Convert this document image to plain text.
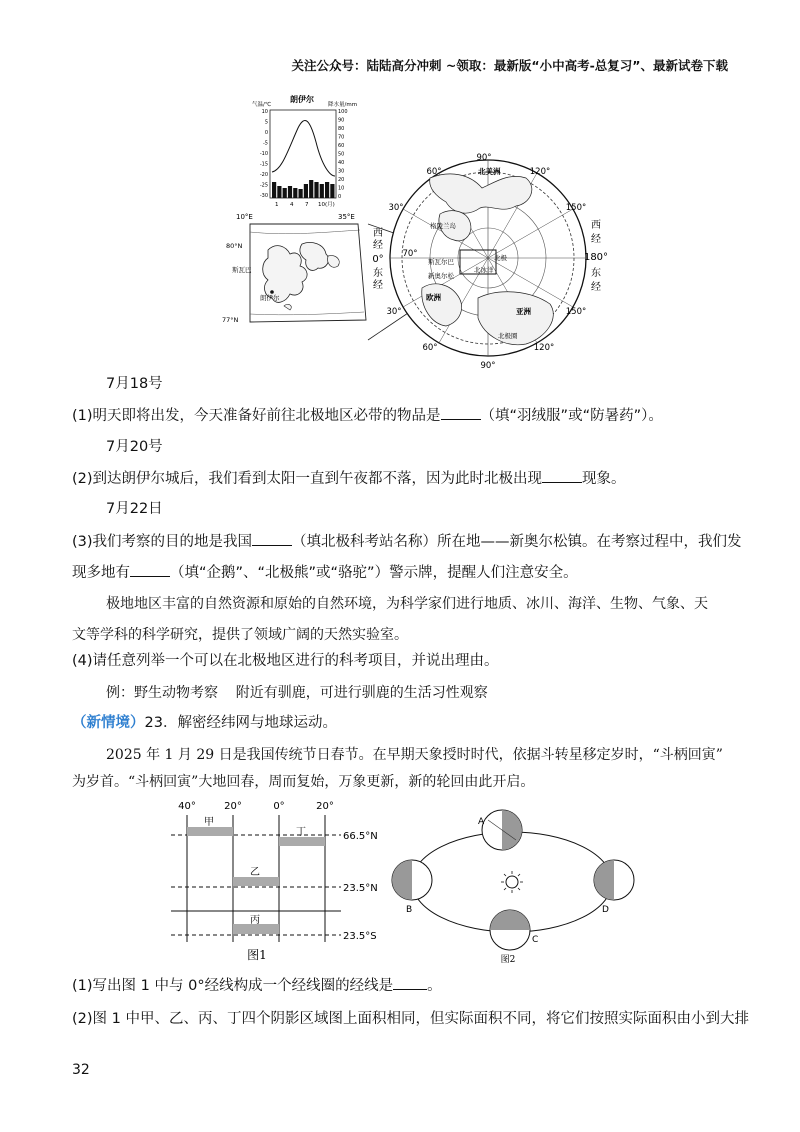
关注公众号：陆陆高分冲刺 ~领取：最新版“小中高考-总复习”、最新试卷下载
朗伊尔
气温/℃	降水量/mm
10
5
0
-5
-10
-15
-20
-25
-30
100
90
80
70
60
50
40
30
20
10
0
1 4 7 10(月)
10°E	35°E
80°N
77°N
斯瓦巴
朗伊尔
90°
90°
60°
30°
70°
30°
60°
120°
150°
150°
120°
西
经
0°
东
经
西
经
180°
东
经
北美洲
欧洲
亚洲
格陵兰岛
北极
斯瓦尔巴
新奥尔松
北冰洋
北极圈
7月18号
(1)明天即将出发，今天准备好前往北极地区必带的物品是	（填“羽绒服”或“防暑药”）。
7月20号
(2)到达朗伊尔城后，我们看到太阳一直到午夜都不落，因为此时北极出现	现象。
7月22日
(3)我们考察的目的地是我国	（填北极科考站名称）所在地——新奥尔松镇。在考察过程中，我们发
现多地有	（填“企鹅”、“北极熊”或“骆驼”）警示牌，提醒人们注意安全。
极地地区丰富的自然资源和原始的自然环境，为科学家们进行地质、冰川、海洋、生物、气象、天
文等学科的科学研究，提供了领域广阔的天然实验室。
(4)请任意列举一个可以在北极地区进行的科考项目，并说出理由。
例：野生动物考察    附近有驯鹿，可进行驯鹿的生活习性观察
（新情境）23．解密经纬网与地球运动。
2025 年 1 月 29 日是我国传统节日春节。在早期天象授时时代，依据斗转星移定岁时，“斗柄回寅”
为岁首。“斗柄回寅”大地回春，周而复始，万象更新，新的轮回由此开启。
40°	20°	0°	20°
甲
乙
丙
丁	66.5°N
23.5°N
23.5°S
图1
A
B
C
D
图2
(1)写出图 1 中与 0°经线构成一个经线圈的经线是 。
(2)图 1 中甲、乙、丙、丁四个阴影区域图上面积相同，但实际面积不同，将它们按照实际面积由小到大排
32
